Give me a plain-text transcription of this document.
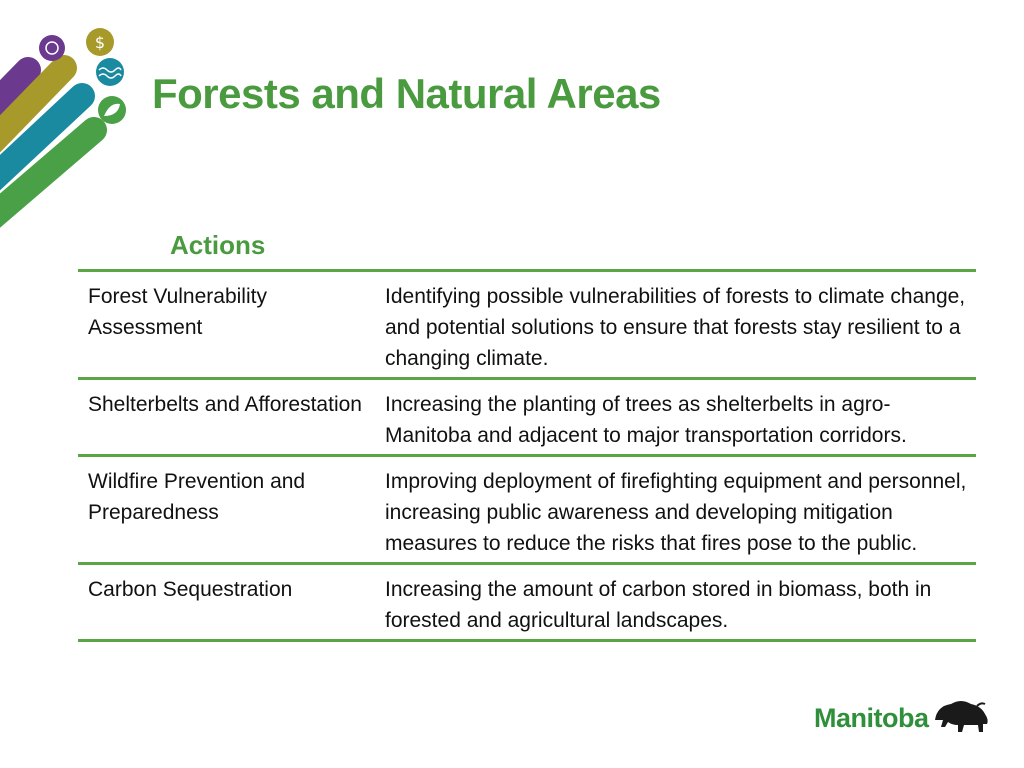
$
Forests and Natural Areas
Actions
Forest Vulnerability Assessment	Identifying possible vulnerabilities of forests to climate change, and potential solutions to ensure that forests stay resilient to a changing climate.
Shelterbelts and Afforestation	Increasing the planting of trees as shelterbelts in agro-Manitoba and adjacent to major transportation corridors.
Wildfire Prevention and Preparedness	Improving deployment of firefighting equipment and personnel, increasing public awareness and developing mitigation measures to reduce the risks that fires pose to the public.
Carbon Sequestration	Increasing the amount of carbon stored in biomass, both in forested and agricultural landscapes.
Manitoba
